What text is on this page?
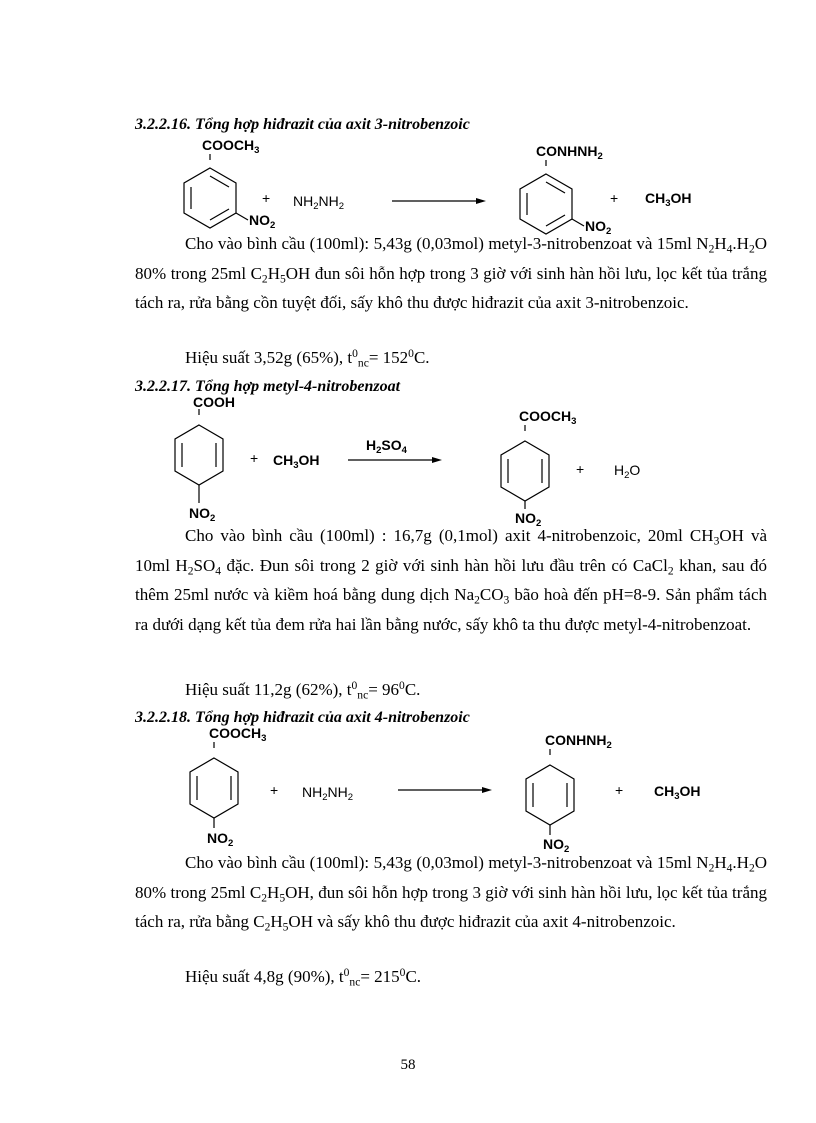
3.2.2.16. Tổng hợp hiđrazit của axit 3-nitrobenzoic
$COOCH_3$
$NO_2$
+ $NH_2NH_2$
$CONHNH_2$
$NO_2$
+ $CH_3OH$

Cho vào bình cầu (100ml): 5,43g (0,03mol) metyl-3-nitrobenzoat và 15ml $N_2H_4.H_2O$ 80% trong 25ml $C_2H_5OH$ đun sôi hỗn hợp trong 3 giờ với sinh hàn hồi lưu, lọc kết tủa trắng tách ra, rửa bằng cồn tuyệt đối, sấy khô thu được hiđrazit của axit 3-nitrobenzoic.

Hiệu suất 3,52g (65%), $t^0_{nc}= 152^0C$.
3.2.2.17. Tổng hợp metyl-4-nitrobenzoat
COOH
$NO_2$
+ $CH_3OH$
$H_2SO_4$
$COOCH_3$
$NO_2$
+ $H_2O$

Cho vào bình cầu (100ml) : 16,7g (0,1mol) axit 4-nitrobenzoic, 20ml $CH_3OH$ và 10ml $H_2SO_4$ đặc. Đun sôi trong 2 giờ với sinh hàn hồi lưu đầu trên có CaCl$_2$ khan, sau đó thêm 25ml nước và kiềm hoá bằng dung dịch $Na_2CO_3$ bão hoà đến pH=8-9. Sản phẩm tách ra dưới dạng kết tủa đem rửa hai lần bằng nước, sấy khô ta thu được metyl-4-nitrobenzoat.

Hiệu suất 11,2g (62%), $t^0_{nc}= 96^0C$.
3.2.2.18. Tổng hợp hiđrazit của axit 4-nitrobenzoic
$COOCH_3$
$NO_2$
+ $NH_2NH_2$
$CONHNH_2$
$NO_2$
+ $CH_3OH$

Cho vào bình cầu (100ml): 5,43g (0,03mol) metyl-3-nitrobenzoat và 15ml $N_2H_4.H_2O$ 80% trong 25ml $C_2H_5OH$, đun sôi hỗn hợp trong 3 giờ với sinh hàn hồi lưu, lọc kết tủa trắng tách ra, rửa bằng $C_2H_5OH$ và sấy khô thu được hiđrazit của axit 4-nitrobenzoic.

Hiệu suất 4,8g (90%), $t^0_{nc}= 215^0C$.
58
